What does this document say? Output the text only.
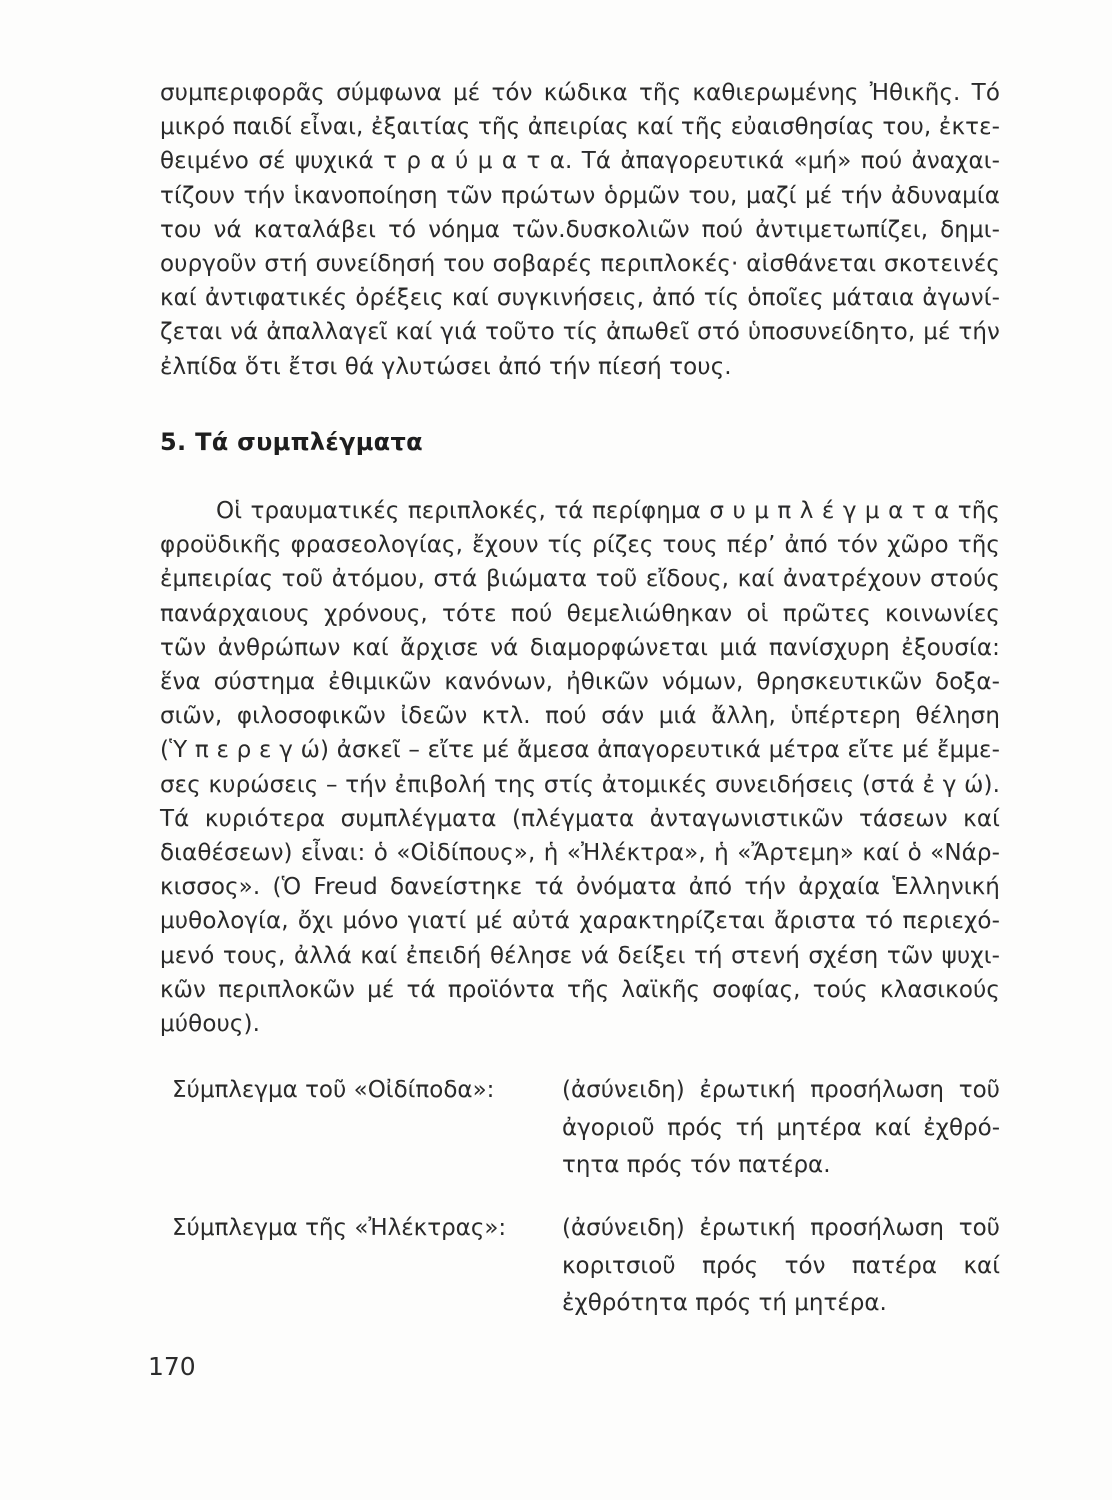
συμπεριφορᾶς σύμφωνα μέ τόν κώδικα τῆς καθιερωμένης Ἠθικῆς. Τό
μικρό παιδί εἶναι, ἐξαιτίας τῆς ἀπειρίας καί τῆς εὐαισθησίας του, ἐκτε-
θειμένο σέ ψυχικά τ ρ α ύ μ α τ α. Τά ἀπαγορευτικά «μή» πού ἀναχαι-
τίζουν τήν ἱκανοποίηση τῶν πρώτων ὁρμῶν του, μαζί μέ τήν ἀδυναμία
του νά καταλάβει τό νόημα τῶν.δυσκολιῶν πού ἀντιμετωπίζει, δημι-
ουργοῦν στή συνείδησή του σοβαρές περιπλοκές· αἰσθάνεται σκοτεινές
καί ἀντιφατικές ὀρέξεις καί συγκινήσεις, ἀπό τίς ὁποῖες μάταια ἀγωνί-
ζεται νά ἀπαλλαγεῖ καί γιά τοῦτο τίς ἀπωθεῖ στό ὑποσυνείδητο, μέ τήν
ἐλπίδα ὅτι ἔτσι θά γλυτώσει ἀπό τήν πίεσή τους.
5. Τά συμπλέγματα
Οἱ τραυματικές περιπλοκές, τά περίφημα σ υ μ π λ έ γ μ α τ α τῆς
φροϋδικῆς φρασεολογίας, ἔχουν τίς ρίζες τους πέρ’ ἀπό τόν χῶρο τῆς
ἐμπειρίας τοῦ ἀτόμου, στά βιώματα τοῦ εἴδους, καί ἀνατρέχουν στούς
πανάρχαιους χρόνους, τότε πού θεμελιώθηκαν οἱ πρῶτες κοινωνίες
τῶν ἀνθρώπων καί ἄρχισε νά διαμορφώνεται μιά πανίσχυρη ἐξουσία:
ἕνα σύστημα ἐθιμικῶν κανόνων, ἠθικῶν νόμων, θρησκευτικῶν δοξα-
σιῶν, φιλοσοφικῶν ἰδεῶν κτλ. πού σάν μιά ἄλλη, ὑπέρτερη θέληση
(Ὑ π ε ρ ε γ ώ) ἀσκεῖ – εἴτε μέ ἄμεσα ἀπαγορευτικά μέτρα εἴτε μέ ἔμμε-
σες κυρώσεις – τήν ἐπιβολή της στίς ἀτομικές συνειδήσεις (στά ἐ γ ώ).
Τά κυριότερα συμπλέγματα (πλέγματα ἀνταγωνιστικῶν τάσεων καί
διαθέσεων) εἶναι: ὁ «Οἰδίπους», ἡ «Ἠλέκτρα», ἡ «Ἄρτεμη» καί ὁ «Νάρ-
κισσος». (Ὁ Freud δανείστηκε τά ὀνόματα ἀπό τήν ἀρχαία Ἑλληνική
μυθολογία, ὄχι μόνο γιατί μέ αὐτά χαρακτηρίζεται ἄριστα τό περιεχό-
μενό τους, ἀλλά καί ἐπειδή θέλησε νά δείξει τή στενή σχέση τῶν ψυχι-
κῶν περιπλοκῶν μέ τά προϊόντα τῆς λαϊκῆς σοφίας, τούς κλασικούς
μύθους).
Σύμπλεγμα τοῦ «Οἰδίποδα»:	(ἀσύνειδη) ἐρωτική προσήλωση τοῦ
ἀγοριοῦ πρός τή μητέρα καί ἐχθρό-
τητα πρός τόν πατέρα.
Σύμπλεγμα τῆς «Ἠλέκτρας»: (ἀσύνειδη) ἐρωτική προσήλωση τοῦ
κοριτσιοῦ πρός τόν πατέρα καί
ἐχθρότητα πρός τή μητέρα.
170
